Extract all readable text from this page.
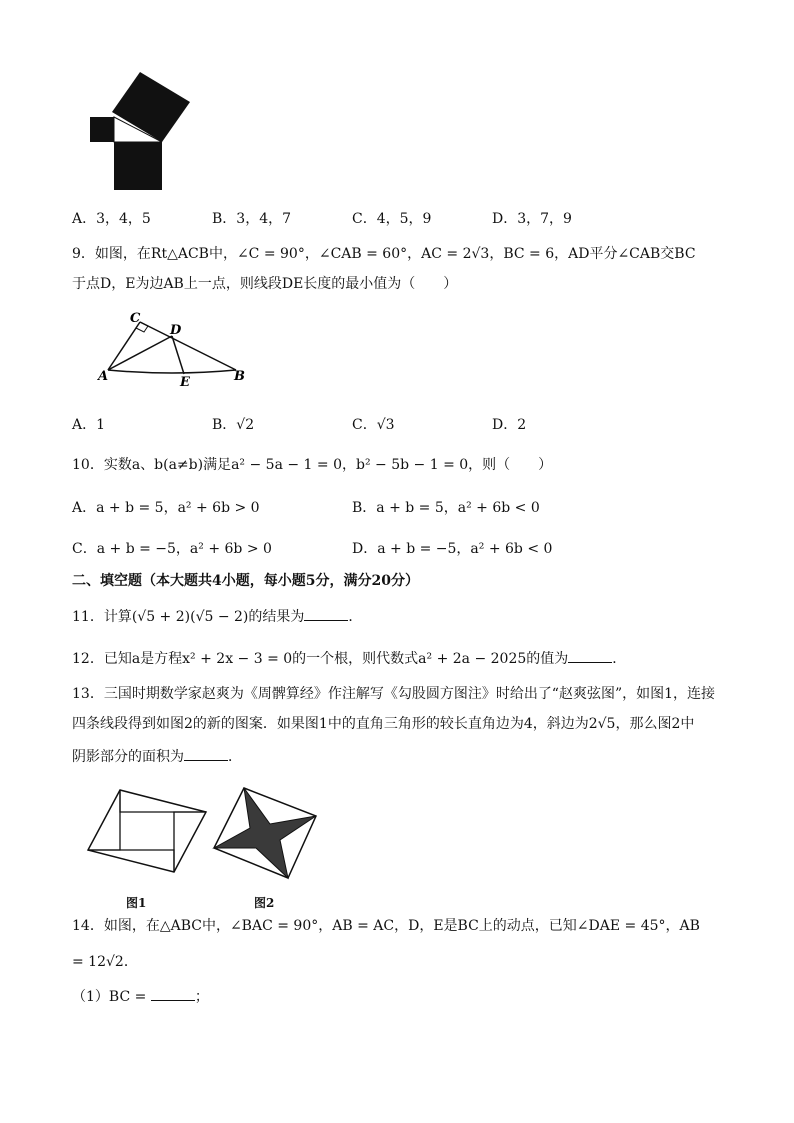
A．3，4，5	B．3，4，7	C．4，5，9	D．3，7，9
9．如图，在Rt△ACB中，∠C = 90°，∠CAB = 60°，AC = 2√3，BC = 6，AD平分∠CAB交BC
于点D，E为边AB上一点，则线段DE长度的最小值为（　　）
C
D
A	E	B
A．1	B．√2	C．√3	D．2
10．实数a、b(a≠b)满足a² − 5a − 1 = 0，b² − 5b − 1 = 0，则（　　）
A．a + b = 5，a² + 6b > 0	B．a + b = 5，a² + 6b < 0
C．a + b = −5，a² + 6b > 0	D．a + b = −5，a² + 6b < 0
二、填空题（本大题共4小题，每小题5分，满分20分）
11．计算(√5 + 2)(√5 − 2)的结果为	．
12．已知a是方程x² + 2x − 3 = 0的一个根，则代数式a² + 2a − 2025的值为	．
13．三国时期数学家赵爽为《周髀算经》作注解写《勾股圆方图注》时给出了“赵爽弦图”，如图1，连接
四条线段得到如图2的新的图案．如果图1中的直角三角形的较长直角边为4，斜边为2√5，那么图2中
阴影部分的面积为	．
图1	图2
14．如图，在△ABC中，∠BAC = 90°，AB = AC，D，E是BC上的动点，已知∠DAE = 45°，AB
= 12√2．
（1）BC =	；
